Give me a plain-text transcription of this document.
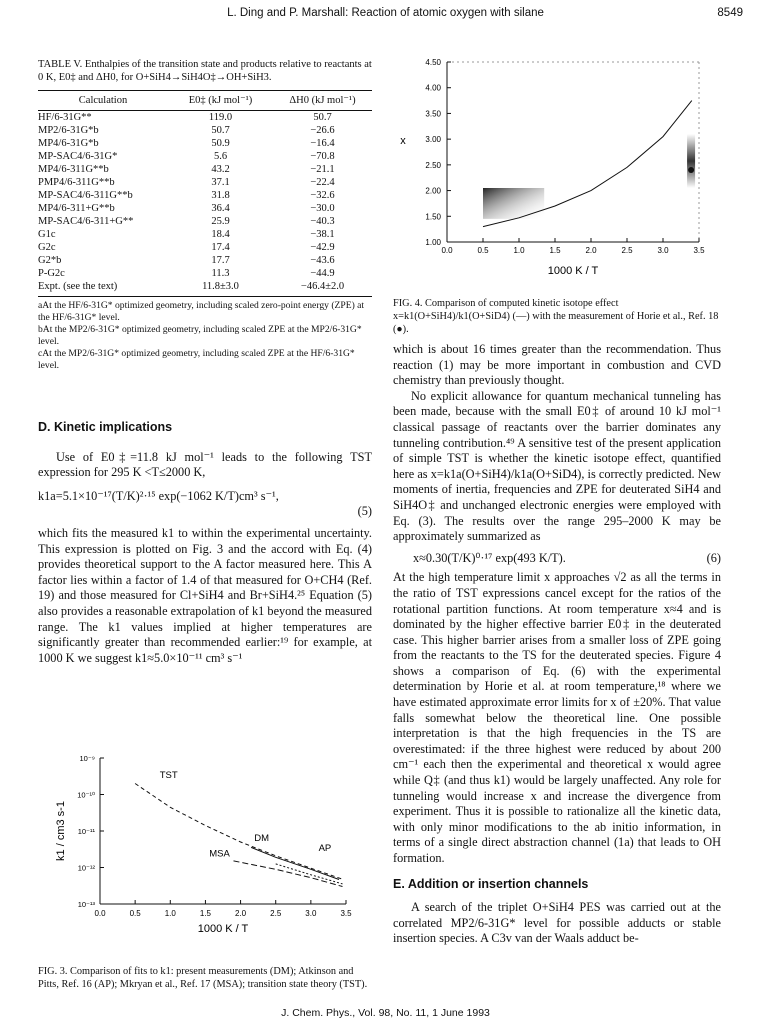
L. Ding and P. Marshall: Reaction of atomic oxygen with silane	8549
TABLE V. Enthalpies of the transition state and products relative to reactants at 0 K, E0‡ and ΔH0, for O+SiH4→SiH4O‡→OH+SiH3.
Calculation	E0‡ (kJ mol⁻¹)	ΔH0 (kJ mol⁻¹)
HF/6-31G**	119.0	50.7
MP2/6-31G*b	50.7	−26.6
MP4/6-31G*b	50.9	−16.4
MP-SAC4/6-31G*	5.6	−70.8
MP4/6-311G**b	43.2	−21.1
PMP4/6-311G**b	37.1	−22.4
MP-SAC4/6-311G**b	31.8	−32.6
MP4/6-311+G**b	36.4	−30.0
MP-SAC4/6-311+G**	25.9	−40.3
G1c	18.4	−38.1
G2c	17.4	−42.9
G2*b	17.7	−43.6
P-G2c	11.3	−44.9
Expt. (see the text)	11.8±3.0	−46.4±2.0
aAt the HF/6-31G* optimized geometry, including scaled zero-point energy (ZPE) at the HF/6-31G* level.
bAt the MP2/6-31G* optimized geometry, including scaled ZPE at the MP2/6-31G* level.
cAt the MP2/6-31G* optimized geometry, including scaled ZPE at the HF/6-31G* level.
D. Kinetic implications

Use of E0‡=11.8 kJ mol⁻¹ leads to the following TST expression for 295 K <T≤2000 K,

k1a=5.1×10⁻¹⁷(T/K)²·¹⁵ exp(−1062 K/T)cm³ s⁻¹,
(5)

which fits the measured k1 to within the experimental uncertainty. This expression is plotted on Fig. 3 and the accord with Eq. (4) provides theoretical support to the A factor measured here. This A factor lies within a factor of 1.4 of that measured for O+CH4 (Ref. 19) and those measured for Cl+SiH4 and Br+SiH4.²⁵ Equation (5) also provides a reasonable extrapolation of k1 beyond the measured range. The k1 values implied at higher temperatures are significantly greater than recommended earlier:¹⁹ for example, at 1000 K we suggest k1≈5.0×10⁻¹¹ cm³ s⁻¹

0.0	0.5	1.0	1.5	2.0	2.5	3.0	3.5
10⁻⁹
10⁻¹⁰
10⁻¹¹
10⁻¹²
10⁻¹³
1000 K / T
k1 / cm3 s-1
TST
DM
MSA	AP
FIG. 3. Comparison of fits to k1: present measurements (DM); Atkinson and Pitts, Ref. 16 (AP); Mkryan et al., Ref. 17 (MSA); transition state theory (TST).
0.0	0.5	1.0	1.5	2.0	2.5	3.0	3.5
1.00
1.50
2.00
2.50
3.00
3.50
4.00
4.50
1000 K / T
x
FIG. 4. Comparison of computed kinetic isotope effect x=k1(O+SiH4)/k1(O+SiD4) (—) with the measurement of Horie et al., Ref. 18 (●).

which is about 16 times greater than the recommendation. Thus reaction (1) may be more important in combustion and CVD chemistry than previously thought.

No explicit allowance for quantum mechanical tunneling has been made, because with the small E0‡ of around 10 kJ mol⁻¹ classical passage of reactants over the barrier dominates any tunneling contribution.⁴⁹ A sensitive test of the present application of simple TST is whether the kinetic isotope effect, quantified here as x=k1a(O+SiH4)/k1a(O+SiD4), is correctly predicted. New moments of inertia, frequencies and ZPE for deuterated SiH4 and SiH4O‡ and unchanged electronic energies were employed with Eq. (3). The results over the range 295–2000 K may be approximately summarized as

x≈0.30(T/K)⁰·¹⁷ exp(493 K/T).	(6)

At the high temperature limit x approaches √2 as all the terms in the ratio of TST expressions cancel except for the ratios of the rotational partition functions. At room temperature x≈4 and is dominated by the higher effective barrier E0‡ in the deuterated case. This higher barrier arises from a smaller loss of ZPE going from the reactants to the TS for the deuterated species. Figure 4 shows a comparison of Eq. (6) with the experimental determination by Horie et al. at room temperature,¹⁸ where we have estimated approximate error limits for x of ±20%. That value falls somewhat below the theoretical line. One possible interpretation is that the high frequencies in the TS are overestimated: if the three highest were reduced by about 200 cm⁻¹ each then the experimental and theoretical x would agree while Q‡ (and thus k1) would be largely unaffected. Any role for tunneling would increase x and increase the divergence from experiment. Thus it is possible to rationalize all the kinetic data, with only minor modifications to the ab initio information, in terms of a single direct abstraction channel (1a) that leads to OH formation.

E. Addition or insertion channels

A search of the triplet O+SiH4 PES was carried out at the correlated MP2/6-31G* level for possible adducts or stable insertion species. A C3v van der Waals adduct be-

J. Chem. Phys., Vol. 98, No. 11, 1 June 1993
